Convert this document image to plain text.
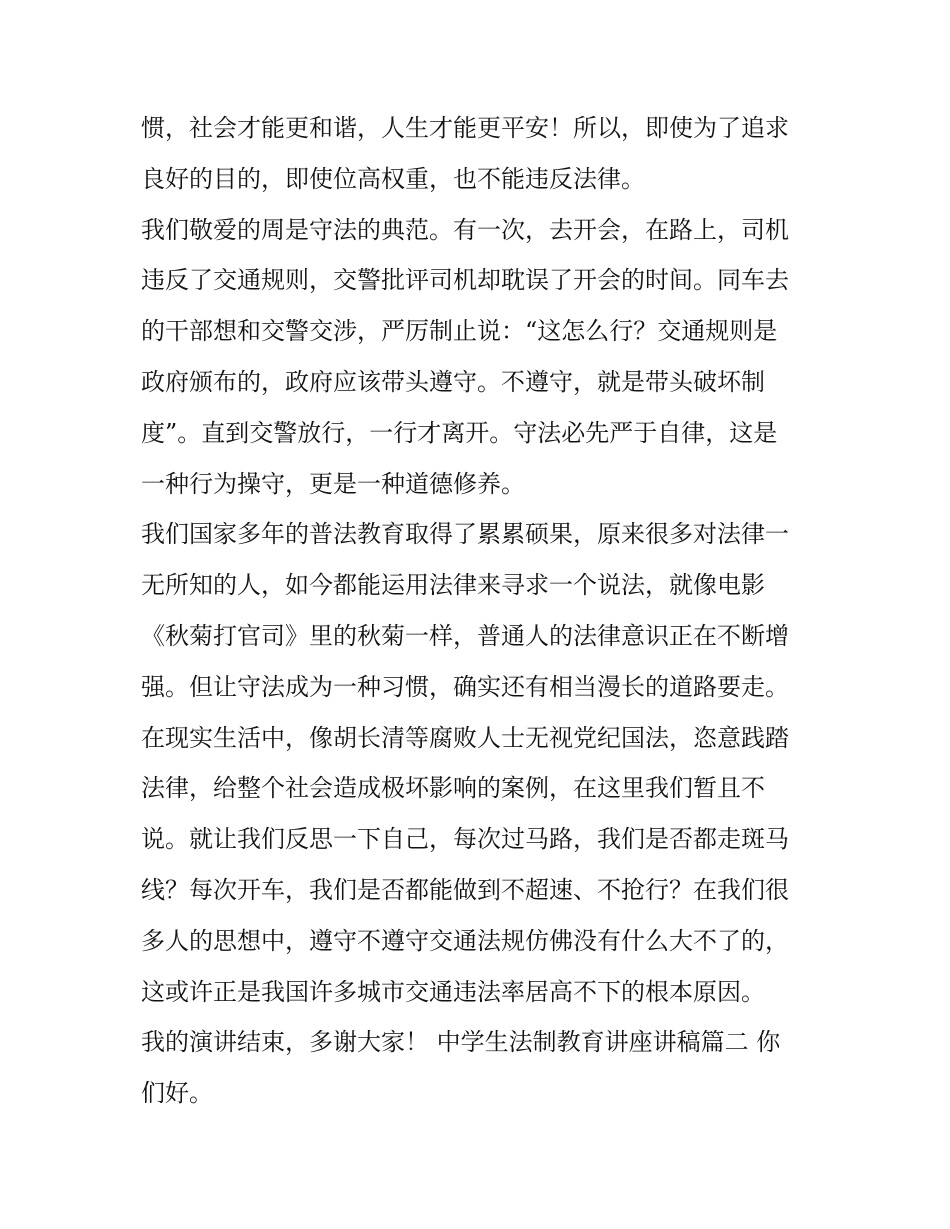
惯，社会才能更和谐，人生才能更平安！所以，即使为了追求
良好的目的，即使位高权重，也不能违反法律。
我们敬爱的周是守法的典范。有一次，去开会，在路上，司机
违反了交通规则，交警批评司机却耽误了开会的时间。同车去
的干部想和交警交涉，严厉制止说：“这怎么行？交通规则是
政府颁布的，政府应该带头遵守。不遵守，就是带头破坏制
度”。直到交警放行，一行才离开。守法必先严于自律，这是
一种行为操守，更是一种道德修养。
我们国家多年的普法教育取得了累累硕果，原来很多对法律一
无所知的人，如今都能运用法律来寻求一个说法，就像电影
《秋菊打官司》里的秋菊一样，普通人的法律意识正在不断增
强。但让守法成为一种习惯，确实还有相当漫长的道路要走。
在现实生活中，像胡长清等腐败人士无视党纪国法，恣意践踏
法律，给整个社会造成极坏影响的案例，在这里我们暂且不
说。就让我们反思一下自己，每次过马路，我们是否都走斑马
线？每次开车，我们是否都能做到不超速、不抢行？在我们很
多人的思想中，遵守不遵守交通法规仿佛没有什么大不了的，
这或许正是我国许多城市交通违法率居高不下的根本原因。
我的演讲结束，多谢大家！ 中学生法制教育讲座讲稿篇二 你
们好。
